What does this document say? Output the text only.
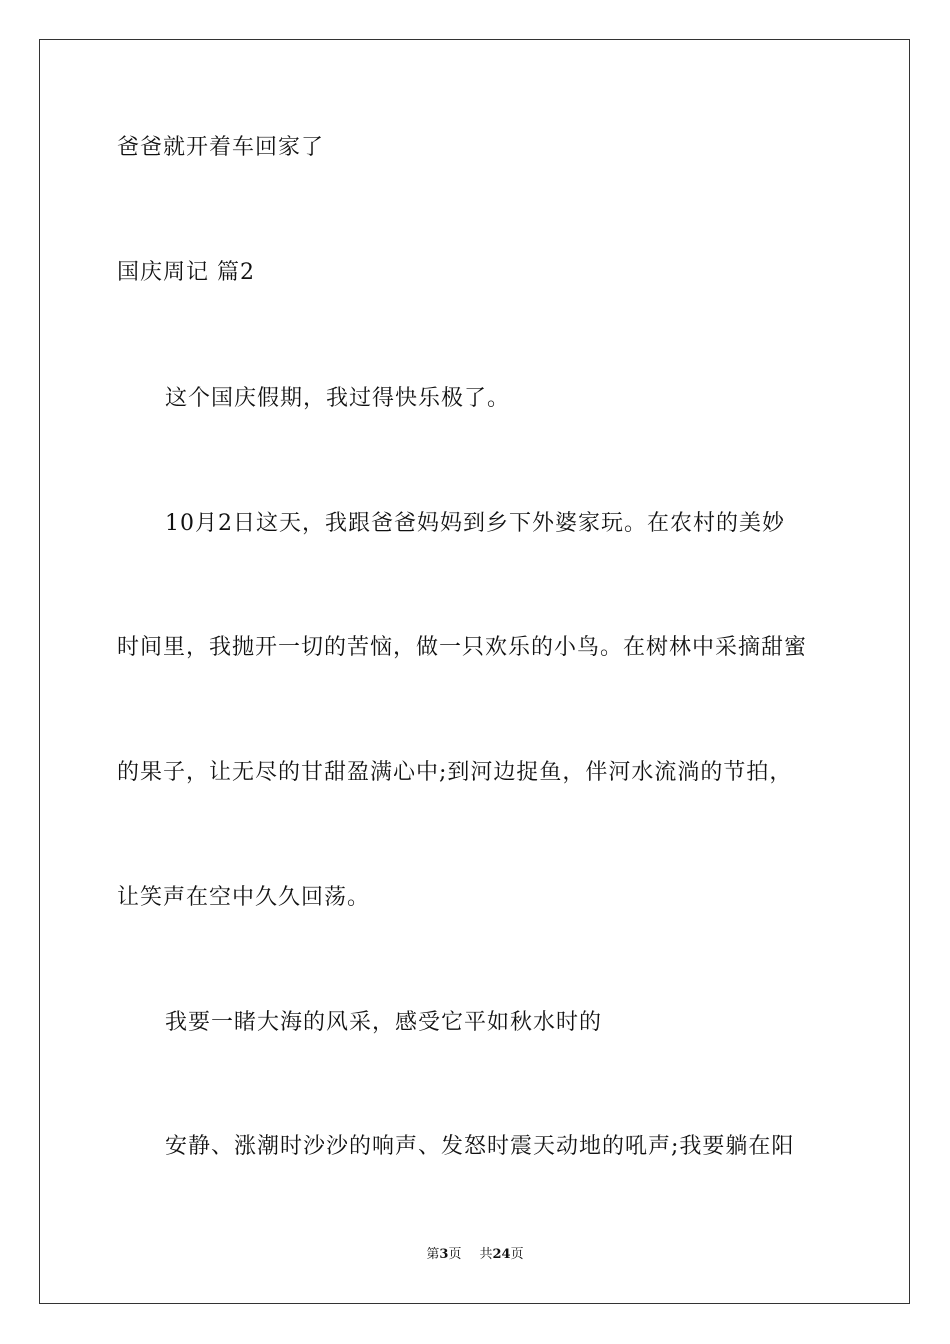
爸爸就开着车回家了
国庆周记 篇2
这个国庆假期，我过得快乐极了。
10月2日这天，我跟爸爸妈妈到乡下外婆家玩。在农村的美妙
时间里，我抛开一切的苦恼，做一只欢乐的小鸟。在树林中采摘甜蜜
的果子，让无尽的甘甜盈满心中;到河边捉鱼，伴河水流淌的节拍，
让笑声在空中久久回荡。
我要一睹大海的风采，感受它平如秋水时的
安静、涨潮时沙沙的响声、发怒时震天动地的吼声;我要躺在阳
第3页 共24页
